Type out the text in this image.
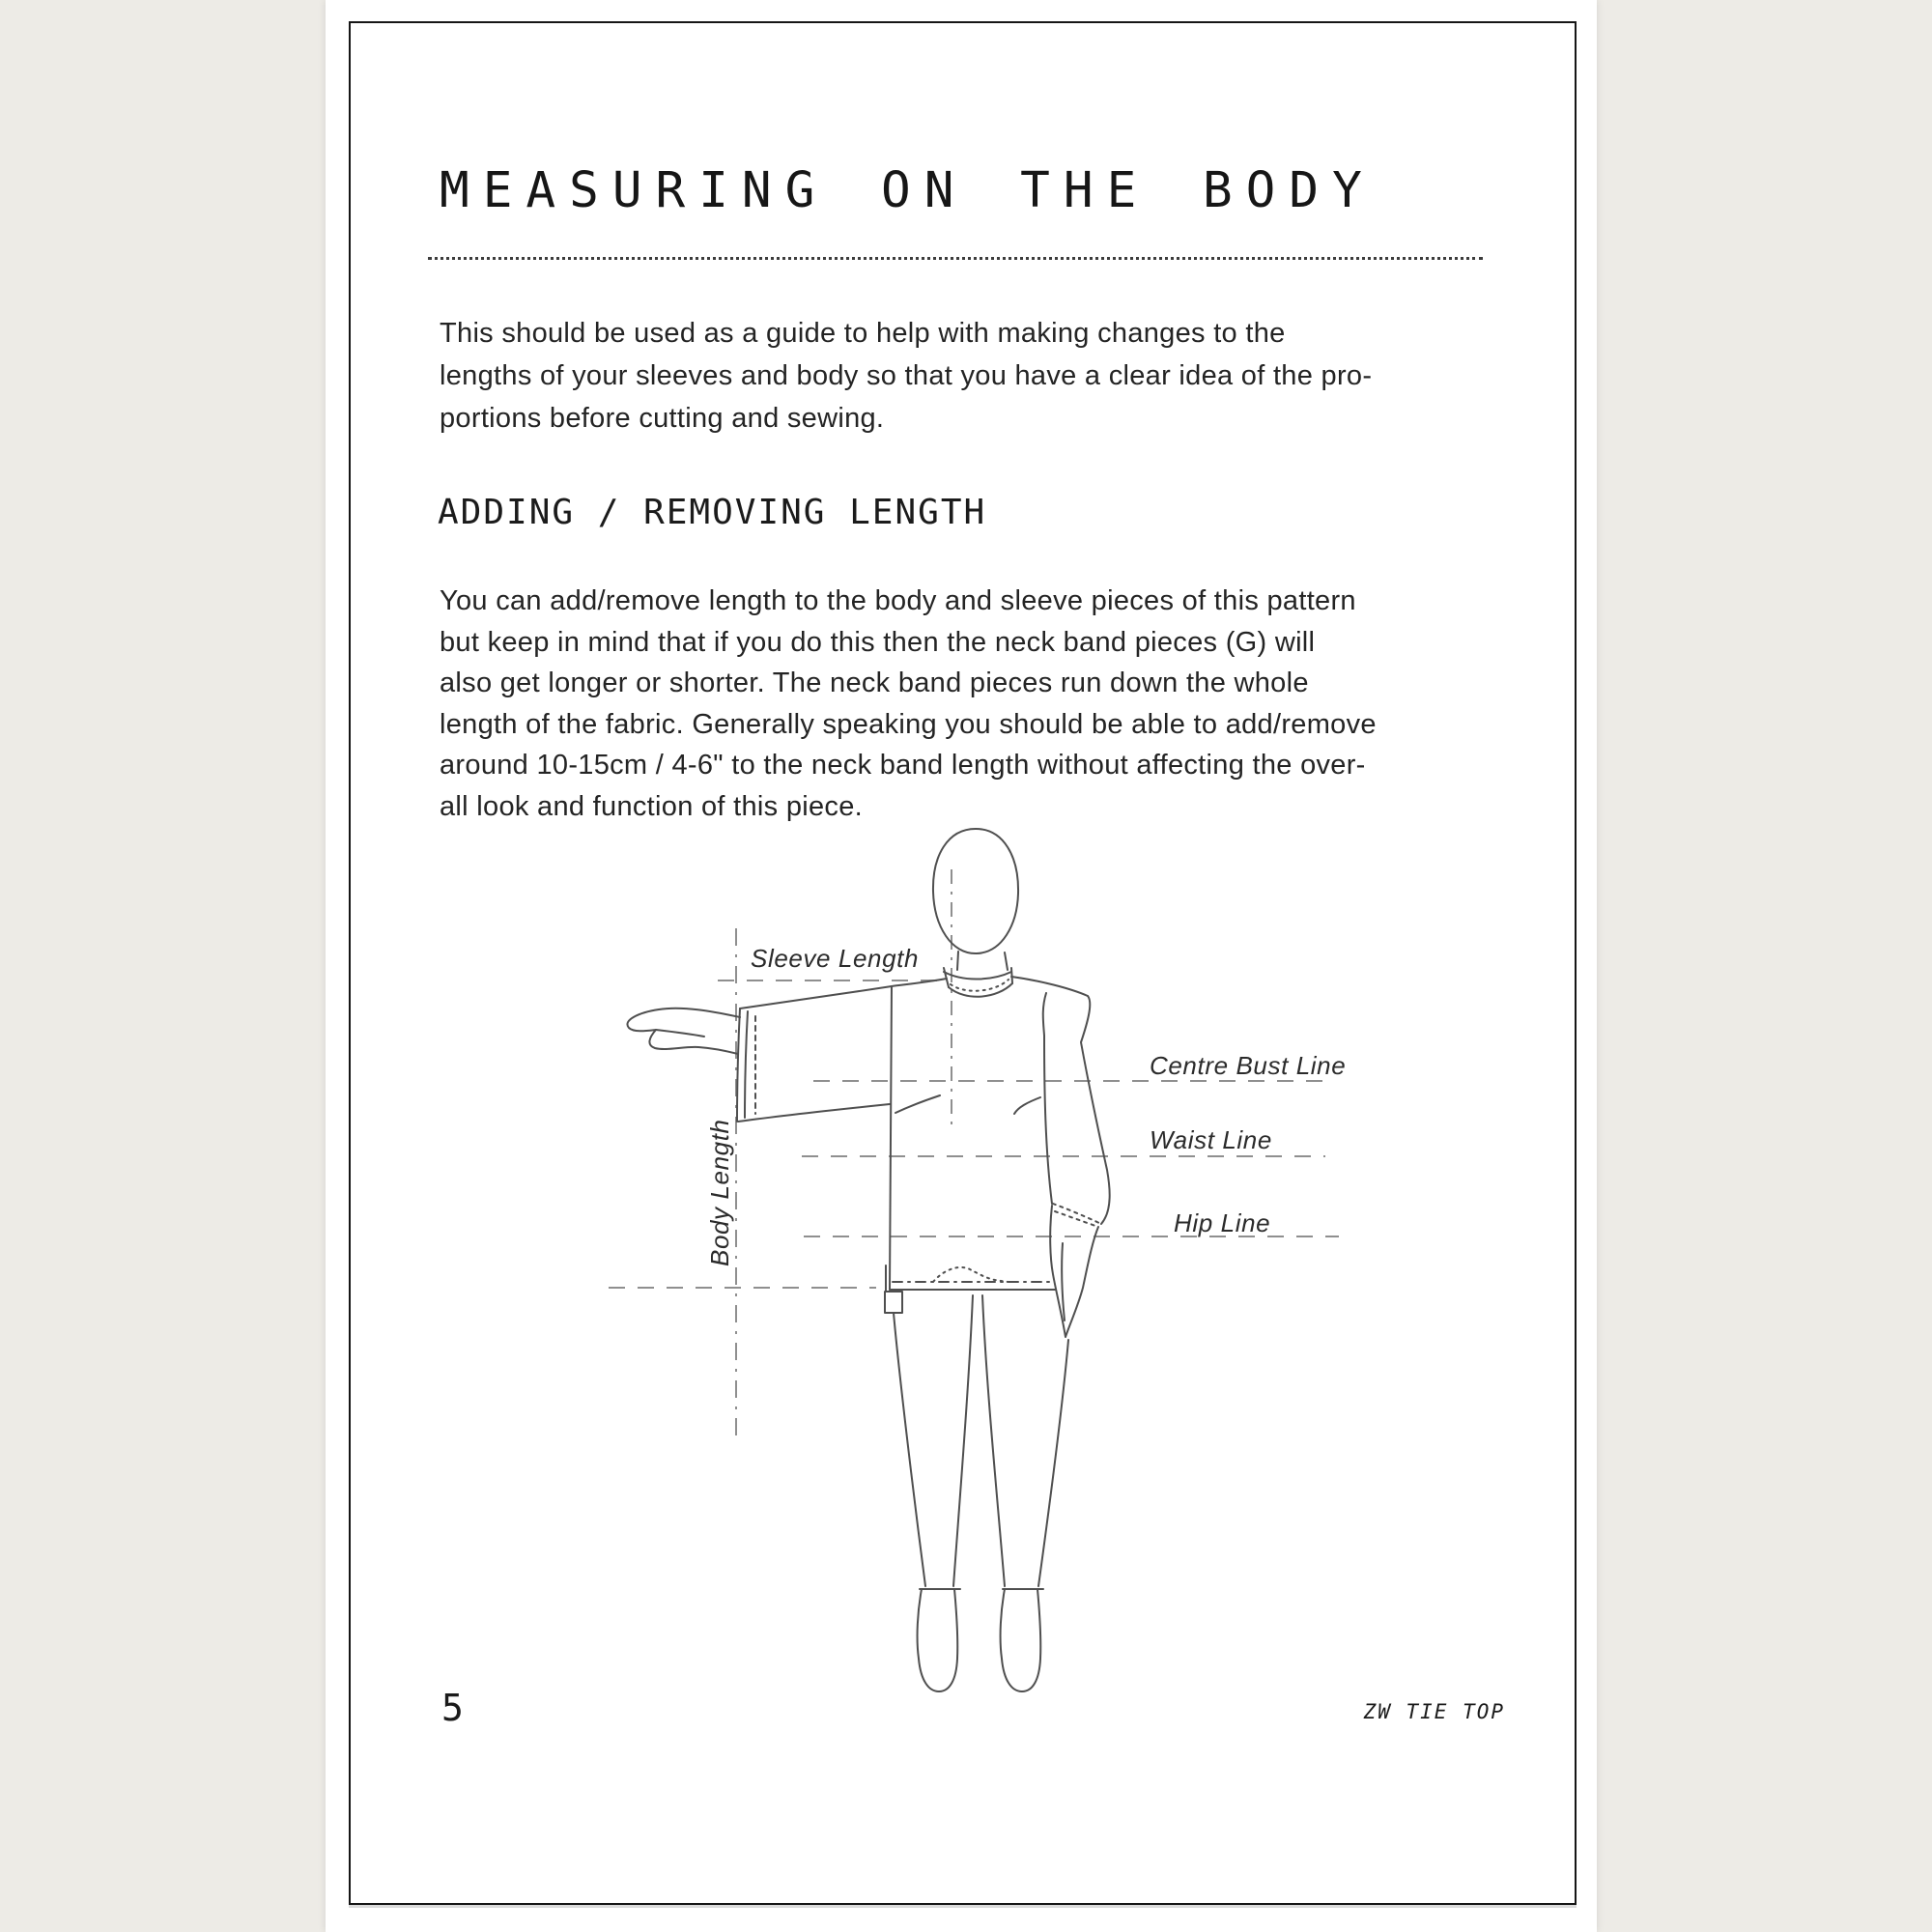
MEASURING ON THE BODY
This should be used as a guide to help with making changes to the
lengths of your sleeves and body so that you have a clear idea of the pro-
portions before cutting and sewing.
ADDING / REMOVING LENGTH
You can add/remove length to the body and sleeve pieces of this pattern
but keep in mind that if you do this then the neck band pieces (G) will
also get longer or shorter. The neck band pieces run down the whole
length of the fabric. Generally speaking you should be able to add/remove
around 10-15cm / 4-6" to the neck band length without affecting the over-
all look and function of this piece.
Sleeve Length
Centre Bust Line
Waist Line
Hip Line
Body Length
5	ZW TIE TOP
